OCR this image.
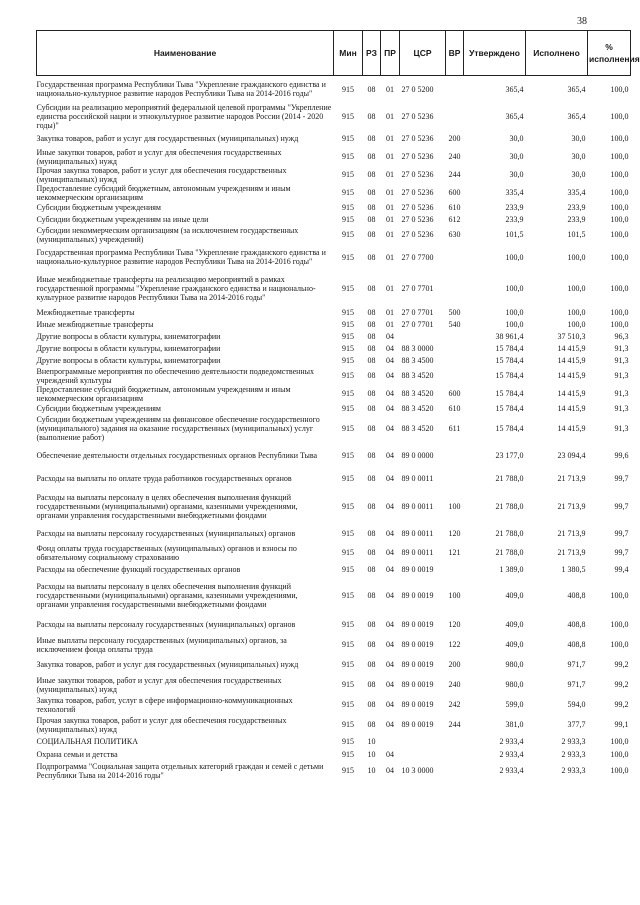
38
Наименование	Мин	РЗ	ПР	ЦСР	ВР	Утверждено	Исполнено	% исполнения
Государственная программа Республики Тыва "Укрепление гражданского единства и национально-культурное развитие народов Республики Тыва на 2014-2016 годы"	915	08	01	27 0 5200		365,4	365,4	100,0
Субсидии на реализацию мероприятий федеральной целевой программы "Укрепление единства российской нации и этнокультурное развитие народов России (2014 - 2020 годы)"	915	08	01	27 0 5236		365,4	365,4	100,0
Закупка товаров, работ и услуг для государственных (муниципальных) нужд	915	08	01	27 0 5236	200	30,0	30,0	100,0
Иные закупки товаров, работ и услуг для обеспечения государственных (муниципальных) нужд	915	08	01	27 0 5236	240	30,0	30,0	100,0
Прочая закупка товаров, работ и услуг для обеспечения государственных (муниципальных) нужд	915	08	01	27 0 5236	244	30,0	30,0	100,0
Предоставление субсидий бюджетным, автономным учреждениям и иным некоммерческим организациям	915	08	01	27 0 5236	600	335,4	335,4	100,0
Субсидии бюджетным учреждениям	915	08	01	27 0 5236	610	233,9	233,9	100,0
Субсидии бюджетным учреждениям на иные цели	915	08	01	27 0 5236	612	233,9	233,9	100,0
Субсидии некоммерческим организациям (за исключением государственных (муниципальных) учреждений)	915	08	01	27 0 5236	630	101,5	101,5	100,0
Государственная программа Республики Тыва "Укрепление гражданского единства и национально-культурное развитие народов Республики Тыва на 2014-2016 годы"	915	08	01	27 0 7700		100,0	100,0	100,0
Иные межбюджетные трансферты на реализацию мероприятий в рамках государственной программы "Укрепление гражданского единства и национально-культурное развитие народов Республики Тыва на 2014-2016 годы"	915	08	01	27 0 7701		100,0	100,0	100,0
Межбюджетные трансферты	915	08	01	27 0 7701	500	100,0	100,0	100,0
Иные межбюджетные трансферты	915	08	01	27 0 7701	540	100,0	100,0	100,0
Другие вопросы в области культуры, кинематографии	915	08	04			38 961,4	37 510,3	96,3
Другие вопросы в области культуры, кинематографии	915	08	04	88 3 0000		15 784,4	14 415,9	91,3
Другие вопросы в области культуры, кинематографии	915	08	04	88 3 4500		15 784,4	14 415,9	91,3
Внепрограммные мероприятия по обеспечению деятельности подведомственных учреждений культуры	915	08	04	88 3 4520		15 784,4	14 415,9	91,3
Предоставление субсидий бюджетным, автономным учреждениям и иным некоммерческим организациям	915	08	04	88 3 4520	600	15 784,4	14 415,9	91,3
Субсидии бюджетным учреждениям	915	08	04	88 3 4520	610	15 784,4	14 415,9	91,3
Субсидии бюджетным учреждениям на финансовое обеспечение государственного (муниципального) задания на оказание государственных (муниципальных) услуг (выполнение работ)	915	08	04	88 3 4520	611	15 784,4	14 415,9	91,3
Обеспечение деятельности отдельных государственных органов Республики Тыва	915	08	04	89 0 0000		23 177,0	23 094,4	99,6
Расходы на выплаты по оплате труда работников государственных органов	915	08	04	89 0 0011		21 788,0	21 713,9	99,7
Расходы на выплаты персоналу в целях обеспечения выполнения функций государственными (муниципальными) органами, казенными учреждениями, органами управления государственными внебюджетными фондами	915	08	04	89 0 0011	100	21 788,0	21 713,9	99,7
Расходы на выплаты персоналу государственных (муниципальных) органов	915	08	04	89 0 0011	120	21 788,0	21 713,9	99,7
Фонд оплаты труда государственных (муниципальных) органов и взносы по обязательному социальному страхованию	915	08	04	89 0 0011	121	21 788,0	21 713,9	99,7
Расходы на обеспечение функций государственных органов	915	08	04	89 0 0019		1 389,0	1 380,5	99,4
Расходы на выплаты персоналу в целях обеспечения выполнения функций государственными (муниципальными) органами, казенными учреждениями, органами управления государственными внебюджетными фондами	915	08	04	89 0 0019	100	409,0	408,8	100,0
Расходы на выплаты персоналу государственных (муниципальных) органов	915	08	04	89 0 0019	120	409,0	408,8	100,0
Иные выплаты персоналу государственных (муниципальных) органов, за исключением фонда оплаты труда	915	08	04	89 0 0019	122	409,0	408,8	100,0
Закупка товаров, работ и услуг для государственных (муниципальных) нужд	915	08	04	89 0 0019	200	980,0	971,7	99,2
Иные закупки товаров, работ и услуг для обеспечения государственных (муниципальных) нужд	915	08	04	89 0 0019	240	980,0	971,7	99,2
Закупка товаров, работ, услуг в сфере информационно-коммуникационных технологий	915	08	04	89 0 0019	242	599,0	594,0	99,2
Прочая закупка товаров, работ и услуг для обеспечения государственных (муниципальных) нужд	915	08	04	89 0 0019	244	381,0	377,7	99,1
СОЦИАЛЬНАЯ ПОЛИТИКА	915	10				2 933,4	2 933,3	100,0
Охрана семьи и детства	915	10	04			2 933,4	2 933,3	100,0
Подпрограмма "Социальная защита отдельных категорий граждан и семей с детьми Республики Тыва на 2014-2016 годы"	915	10	04	10 3 0000		2 933,4	2 933,3	100,0
